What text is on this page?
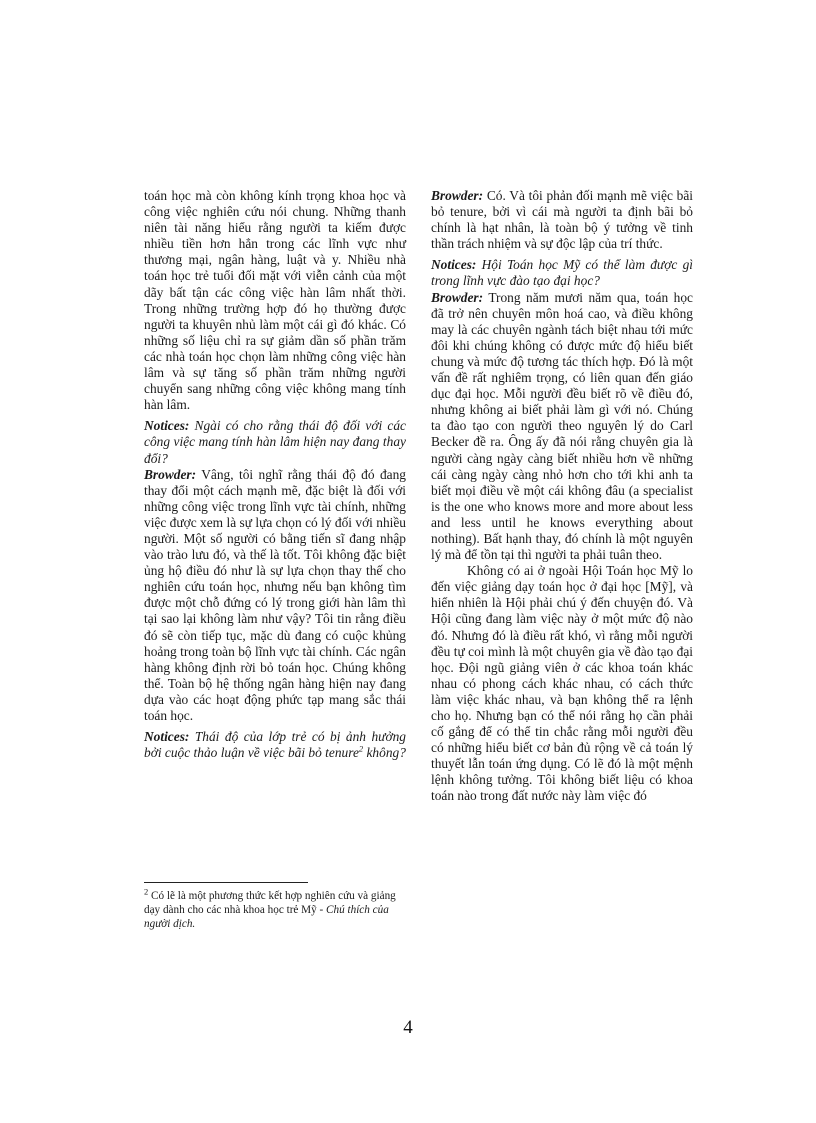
toán học mà còn không kính trọng khoa học và công việc nghiên cứu nói chung. Những thanh niên tài năng hiểu rằng người ta kiếm được nhiều tiền hơn hẳn trong các lĩnh vực như thương mại, ngân hàng, luật và y. Nhiều nhà toán học trẻ tuổi đối mặt với viễn cảnh của một dãy bất tận các công việc hàn lâm nhất thời. Trong những trường hợp đó họ thường được người ta khuyên nhủ làm một cái gì đó khác. Có những số liệu chỉ ra sự giảm dần số phần trăm các nhà toán học chọn làm những công việc hàn lâm và sự tăng số phần trăm những người chuyển sang những công việc không mang tính hàn lâm.

Notices: Ngài có cho rằng thái độ đối với các công việc mang tính hàn lâm hiện nay đang thay đổi?

Browder: Vâng, tôi nghĩ rằng thái độ đó đang thay đổi một cách mạnh mẽ, đặc biệt là đối với những công việc trong lĩnh vực tài chính, những việc được xem là sự lựa chọn có lý đối với nhiều người. Một số người có bằng tiến sĩ đang nhập vào trào lưu đó, và thế là tốt. Tôi không đặc biệt ủng hộ điều đó như là sự lựa chọn thay thế cho nghiên cứu toán học, nhưng nếu bạn không tìm được một chỗ đứng có lý trong giới hàn lâm thì tại sao lại không làm như vậy? Tôi tin rằng điều đó sẽ còn tiếp tục, mặc dù đang có cuộc khủng hoảng trong toàn bộ lĩnh vực tài chính. Các ngân hàng không định rời bỏ toán học. Chúng không thể. Toàn bộ hệ thống ngân hàng hiện nay đang dựa vào các hoạt động phức tạp mang sắc thái toán học.

Notices: Thái độ của lớp trẻ có bị ảnh hưởng bởi cuộc thảo luận về việc bãi bỏ tenure$^2$ không?

Browder: Có. Và tôi phản đối mạnh mẽ việc bãi bỏ tenure, bởi vì cái mà người ta định bãi bỏ chính là hạt nhân, là toàn bộ ý tưởng về tinh thần trách nhiệm và sự độc lập của trí thức.

Notices: Hội Toán học Mỹ có thể làm được gì trong lĩnh vực đào tạo đại học?

Browder: Trong năm mươi năm qua, toán học đã trở nên chuyên môn hoá cao, và điều không may là các chuyên ngành tách biệt nhau tới mức đôi khi chúng không có được mức độ hiểu biết chung và mức độ tương tác thích hợp. Đó là một vấn đề rất nghiêm trọng, có liên quan đến giáo dục đại học. Mỗi người đều biết rõ về điều đó, nhưng không ai biết phải làm gì với nó. Chúng ta đào tạo con người theo nguyên lý do Carl Becker đề ra. Ông ấy đã nói rằng chuyên gia là người càng ngày càng biết nhiều hơn về những cái càng ngày càng nhỏ hơn cho tới khi anh ta biết mọi điều về một cái không đâu (a specialist is the one who knows more and more about less and less until he knows everything about nothing). Bất hạnh thay, đó chính là một nguyên lý mà để tồn tại thì người ta phải tuân theo.

Không có ai ở ngoài Hội Toán học Mỹ lo đến việc giảng dạy toán học ở đại học [Mỹ], và hiển nhiên là Hội phải chú ý đến chuyện đó. Và Hội cũng đang làm việc này ở một mức độ nào đó. Nhưng đó là điều rất khó, vì rằng mỗi người đều tự coi mình là một chuyên gia về đào tạo đại học. Đội ngũ giảng viên ở các khoa toán khác nhau có phong cách khác nhau, có cách thức làm việc khác nhau, và bạn không thể ra lệnh cho họ. Nhưng bạn có thể nói rằng họ cần phải cố gắng để có thể tin chắc rằng mỗi người đều có những hiểu biết cơ bản đủ rộng về cả toán lý thuyết lẫn toán ứng dụng. Có lẽ đó là một mệnh lệnh không tưởng. Tôi không biết liệu có khoa toán nào trong đất nước này làm việc đó

$^2$ Có lẽ là một phương thức kết hợp nghiên cứu và giảng dạy dành cho các nhà khoa học trẻ Mỹ - Chú thích của người dịch.
4
